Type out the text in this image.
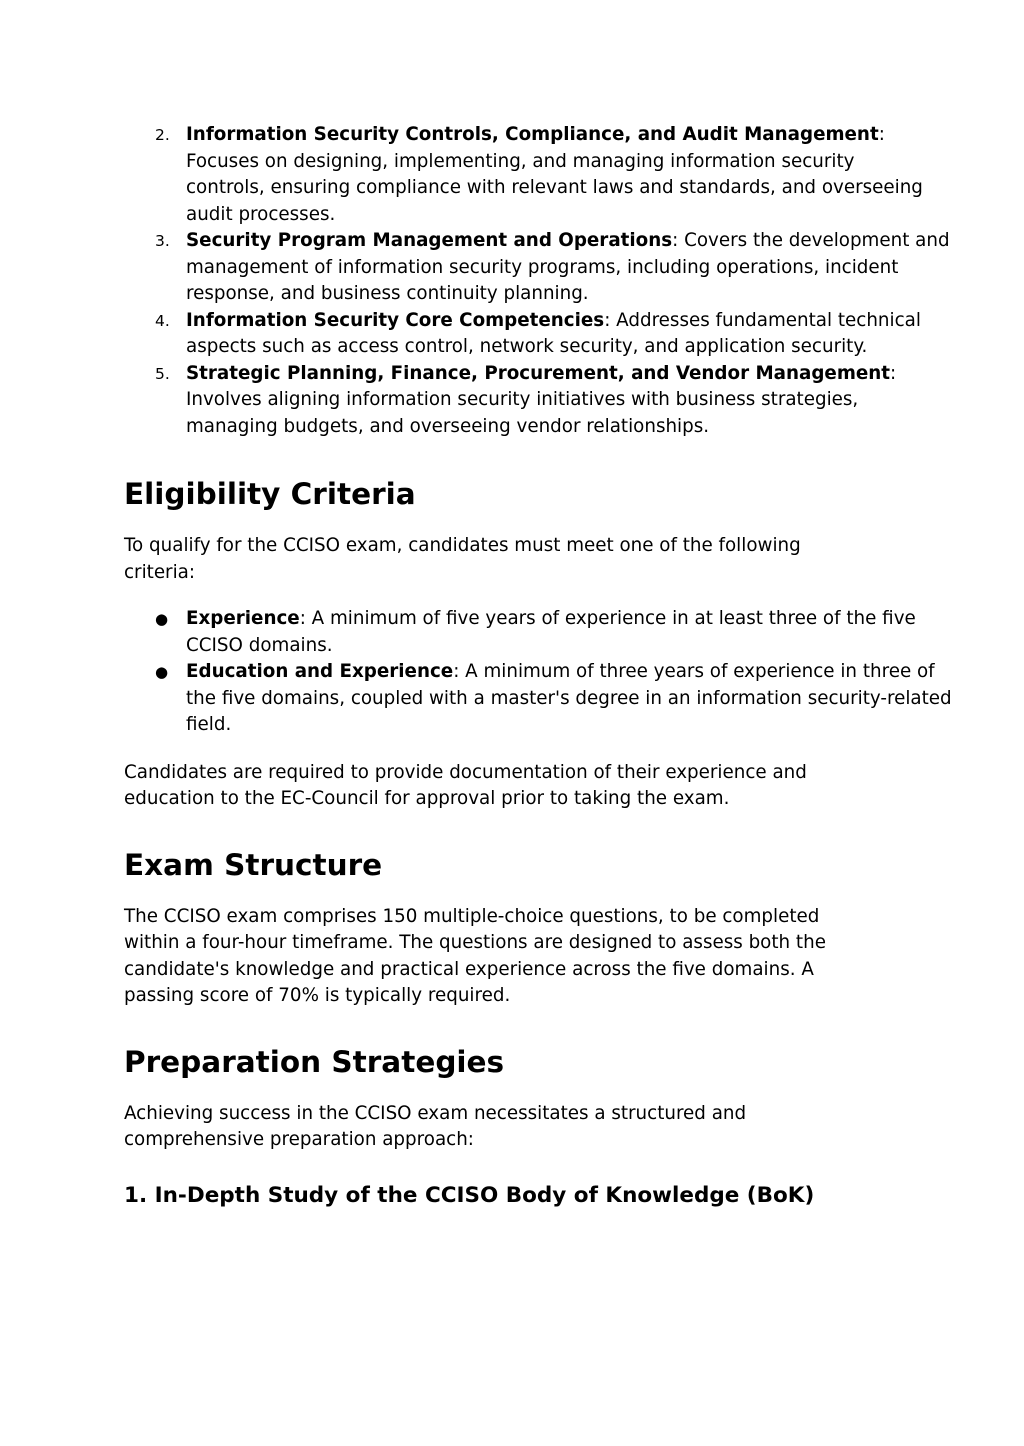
2. Information Security Controls, Compliance, and Audit Management: Focuses on designing, implementing, and managing information security controls, ensuring compliance with relevant laws and standards, and overseeing audit processes.
3. Security Program Management and Operations: Covers the development and management of information security programs, including operations, incident response, and business continuity planning.
4. Information Security Core Competencies: Addresses fundamental technical aspects such as access control, network security, and application security.
5. Strategic Planning, Finance, Procurement, and Vendor Management: Involves aligning information security initiatives with business strategies, managing budgets, and overseeing vendor relationships.
Eligibility Criteria

To qualify for the CCISO exam, candidates must meet one of the following criteria:

● Experience: A minimum of five years of experience in at least three of the five CCISO domains.
● Education and Experience: A minimum of three years of experience in three of the five domains, coupled with a master's degree in an information security-related field.

Candidates are required to provide documentation of their experience and education to the EC-Council for approval prior to taking the exam.

Exam Structure

The CCISO exam comprises 150 multiple-choice questions, to be completed within a four-hour timeframe. The questions are designed to assess both the candidate's knowledge and practical experience across the five domains. A passing score of 70% is typically required.

Preparation Strategies

Achieving success in the CCISO exam necessitates a structured and comprehensive preparation approach:

1. In-Depth Study of the CCISO Body of Knowledge (BoK)
